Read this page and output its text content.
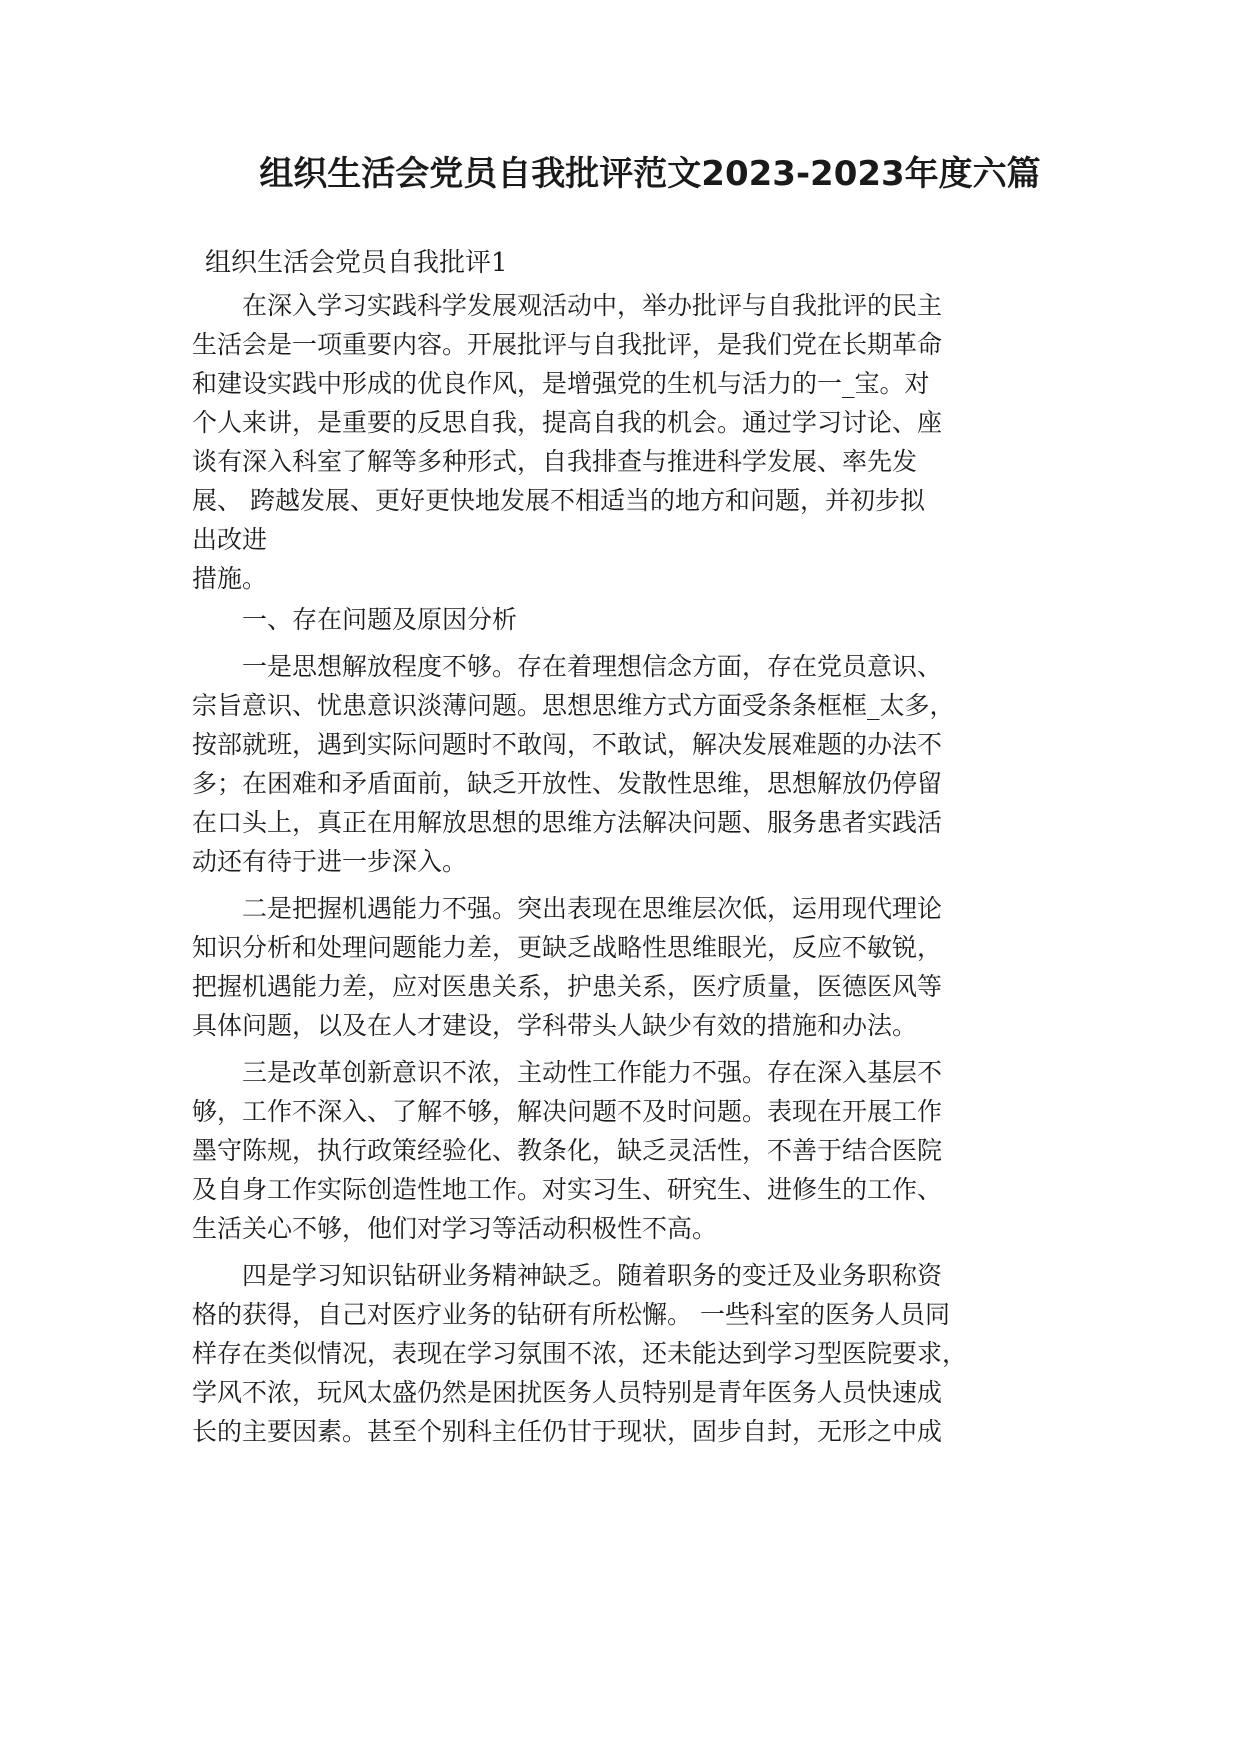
组织生活会党员自我批评范文2023-2023年度六篇

组织生活会党员自我批评1

在深入学习实践科学发展观活动中，举办批评与自我批评的民主
生活会是一项重要内容。开展批评与自我批评，是我们党在长期革命
和建设实践中形成的优良作风，是增强党的生机与活力的一_宝。对
个人来讲，是重要的反思自我，提高自我的机会。通过学习讨论、座
谈有深入科室了解等多种形式，自我排查与推进科学发展、率先发
展、 跨越发展、更好更快地发展不相适当的地方和问题，并初步拟
出改进
措施。
一、存在问题及原因分析
一是思想解放程度不够。存在着理想信念方面，存在党员意识、
宗旨意识、忧患意识淡薄问题。思想思维方式方面受条条框框_太多，
按部就班，遇到实际问题时不敢闯，不敢试，解决发展难题的办法不
多；在困难和矛盾面前，缺乏开放性、发散性思维，思想解放仍停留
在口头上，真正在用解放思想的思维方法解决问题、服务患者实践活
动还有待于进一步深入。
二是把握机遇能力不强。突出表现在思维层次低，运用现代理论
知识分析和处理问题能力差，更缺乏战略性思维眼光，反应不敏锐，
把握机遇能力差，应对医患关系，护患关系，医疗质量，医德医风等
具体问题，以及在人才建设，学科带头人缺少有效的措施和办法。
三是改革创新意识不浓，主动性工作能力不强。存在深入基层不
够，工作不深入、了解不够，解决问题不及时问题。表现在开展工作
墨守陈规，执行政策经验化、教条化，缺乏灵活性，不善于结合医院
及自身工作实际创造性地工作。对实习生、研究生、进修生的工作、
生活关心不够，他们对学习等活动积极性不高。
四是学习知识钻研业务精神缺乏。随着职务的变迁及业务职称资
格的获得，自己对医疗业务的钻研有所松懈。 一些科室的医务人员同
样存在类似情况，表现在学习氛围不浓，还未能达到学习型医院要求，
学风不浓，玩风太盛仍然是困扰医务人员特别是青年医务人员快速成
长的主要因素。甚至个别科主任仍甘于现状，固步自封，无形之中成
